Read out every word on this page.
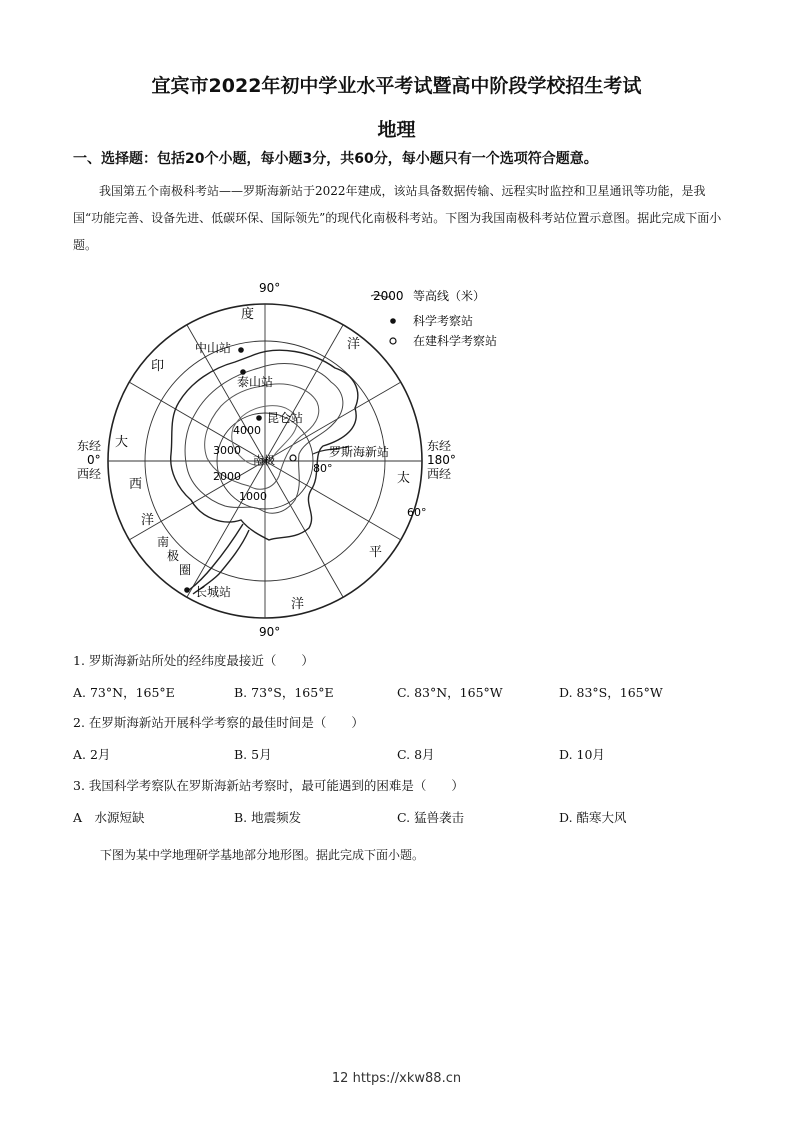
宜宾市2022年初中学业水平考试暨高中阶段学校招生考试
地理
一、选择题：包括20个小题，每小题3分，共60分，每小题只有一个选项符合题意。
我国第五个南极科考站——罗斯海新站于2022年建成，该站具备数据传输、远程实时监控和卫星通讯等功能，是我国“功能完善、设备先进、低碳环保、国际领先”的现代化南极科考站。下图为我国南极科考站位置示意图。据此完成下面小题。
90°
90°
东经
0°
西经
东经
180°
西经
度
印
洋
大
西
洋
太
平
洋
南
极
圈
80°
60°
4000
3000
2000
1000
南极
中山站
泰山站
昆仑站
罗斯海新站
长城站
2000 等高线（米）
科学考察站
在建科学考察站
1. 罗斯海新站所处的经纬度最接近（　　）
A. 73°N，165°E	B. 73°S，165°E	C. 83°N，165°W	D. 83°S，165°W
2. 在罗斯海新站开展科学考察的最佳时间是（　　）
A. 2月	B. 5月	C. 8月	D. 10月
3. 我国科学考察队在罗斯海新站考察时，最可能遇到的困难是（　　）
A　水源短缺	B. 地震频发	C. 猛兽袭击	D. 酷寒大风
下图为某中学地理研学基地部分地形图。据此完成下面小题。
12 https://xkw88.cn
